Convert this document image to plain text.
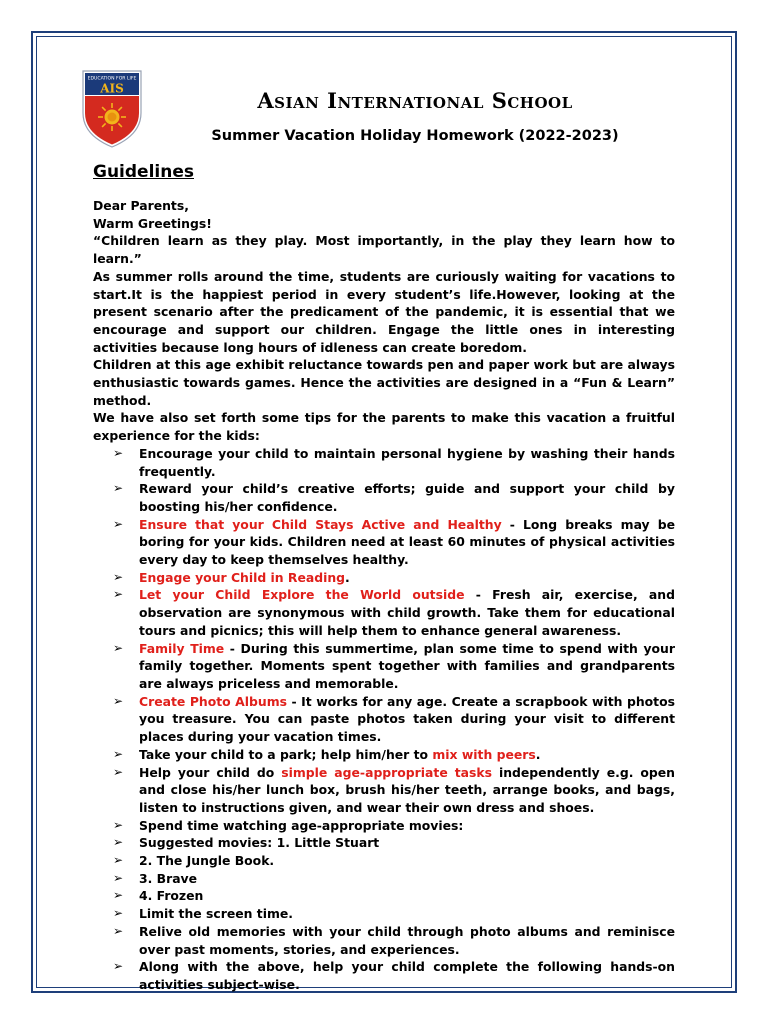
EDUCATION FOR LIFE
AIS	Asian International School
Summer Vacation Holiday Homework (2022-2023)
Guidelines

Dear Parents,

Warm Greetings!

“Children learn as they play. Most importantly, in the play they learn how to learn.”

As summer rolls around the time, students are curiously waiting for vacations to start.It is the happiest period in every student’s life.However, looking at the present scenario after the predicament of the pandemic, it is essential that we encourage and support our children. Engage the little ones in interesting activities because long hours of idleness can create boredom.

Children at this age exhibit reluctance towards pen and paper work but are always enthusiastic towards games. Hence the activities are designed in a “Fun & Learn” method.

We have also set forth some tips for the parents to make this vacation a fruitful experience for the kids:

➢ Encourage your child to maintain personal hygiene by washing their hands frequently.
➢ Reward your child’s creative efforts; guide and support your child by boosting his/her confidence.
➢ Ensure that your Child Stays Active and Healthy - Long breaks may be boring for your kids. Children need at least 60 minutes of physical activities every day to keep themselves healthy.
➢ Engage your Child in Reading.
➢ Let your Child Explore the World outside - Fresh air, exercise, and observation are synonymous with child growth. Take them for educational tours and picnics; this will help them to enhance general awareness.
➢ Family Time - During this summertime, plan some time to spend with your family together. Moments spent together with families and grandparents are always priceless and memorable.
➢ Create Photo Albums - It works for any age. Create a scrapbook with photos you treasure. You can paste photos taken during your visit to different places during your vacation times.
➢ Take your child to a park; help him/her to mix with peers.
➢ Help your child do simple age-appropriate tasks independently e.g. open and close his/her lunch box, brush his/her teeth, arrange books, and bags, listen to instructions given, and wear their own dress and shoes.
➢ Spend time watching age-appropriate movies:
➢ Suggested movies: 1. Little Stuart
➢ 2. The Jungle Book.
➢ 3. Brave
➢ 4. Frozen
➢ Limit the screen time.
➢ Relive old memories with your child through photo albums and reminisce over past moments, stories, and experiences.
➢ Along with the above, help your child complete the following hands-on activities subject-wise.
